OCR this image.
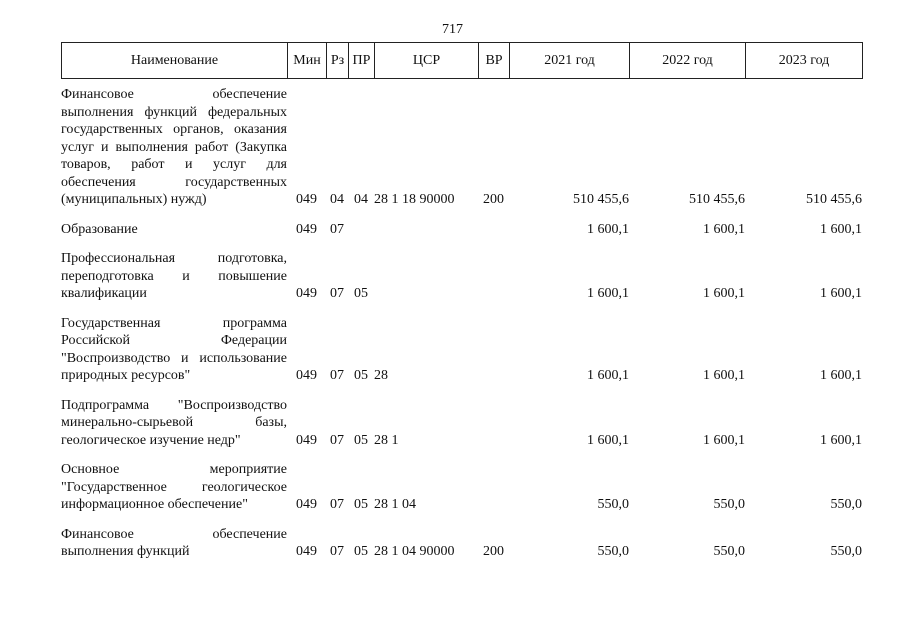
717
Наименование	Мин	Рз	ПР	ЦСР	ВР	2021 год	2022 год	2023 год
Финансовое обеспечение выполнения функций федеральных государственных органов, оказания услуг и выполнения работ (Закупка товаров, работ и услуг для обеспечения государственных (муниципальных) нужд)	049	04	04	28 1 18 90000	200	510 455,6	510 455,6	510 455,6
Образование	049	07				1 600,1	1 600,1	1 600,1
Профессиональная подготовка, переподготовка и повышение квалификации	049	07	05			1 600,1	1 600,1	1 600,1
Государственная программа Российской Федерации "Воспроизводство и использование природных ресурсов"	049	07	05	28		1 600,1	1 600,1	1 600,1
Подпрограмма "Воспроизводство минерально-сырьевой базы, геологическое изучение недр"	049	07	05	28 1		1 600,1	1 600,1	1 600,1
Основное мероприятие "Государственное геологическое информационное обеспечение"	049	07	05	28 1 04		550,0	550,0	550,0
Финансовое обеспечение выполнения функций	049	07	05	28 1 04 90000	200	550,0	550,0	550,0
